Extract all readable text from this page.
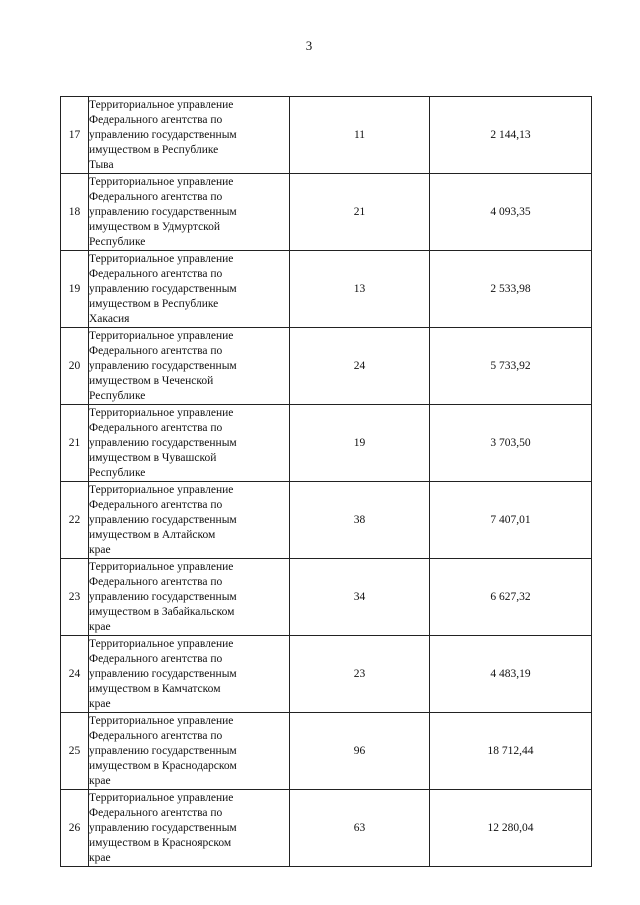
3
17	Территориальное управление
Федерального агентства по
управлению государственным
имуществом в Республике
Тыва	11	2 144,13
18	Территориальное управление
Федерального агентства по
управлению государственным
имуществом в Удмуртской
Республике	21	4 093,35
19	Территориальное управление
Федерального агентства по
управлению государственным
имуществом в Республике
Хакасия	13	2 533,98
20	Территориальное управление
Федерального агентства по
управлению государственным
имуществом в Чеченской
Республике	24	5 733,92
21	Территориальное управление
Федерального агентства по
управлению государственным
имуществом в Чувашской
Республике	19	3 703,50
22	Территориальное управление
Федерального агентства по
управлению государственным
имуществом в Алтайском
крае	38	7 407,01
23	Территориальное управление
Федерального агентства по
управлению государственным
имуществом в Забайкальском
крае	34	6 627,32
24	Территориальное управление
Федерального агентства по
управлению государственным
имуществом в Камчатском
крае	23	4 483,19
25	Территориальное управление
Федерального агентства по
управлению государственным
имуществом в Краснодарском
крае	96	18 712,44
26	Территориальное управление
Федерального агентства по
управлению государственным
имуществом в Красноярском
крае	63	12 280,04
